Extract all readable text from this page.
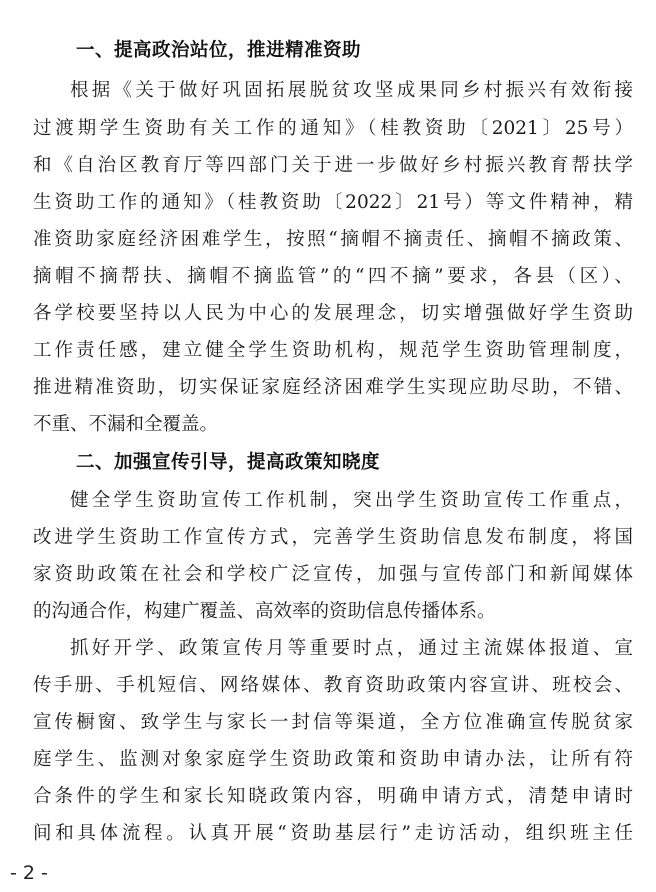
一、提高政治站位，推进精准资助
根据《关于做好巩固拓展脱贫攻坚成果同乡村振兴有效衔接
过渡期学生资助有关工作的通知》（桂教资助〔2021〕25号）
和《自治区教育厅等四部门关于进一步做好乡村振兴教育帮扶学
生资助工作的通知》（桂教资助〔2022〕21号）等文件精神，精
准资助家庭经济困难学生，按照“摘帽不摘责任、摘帽不摘政策、
摘帽不摘帮扶、摘帽不摘监管”的“四不摘”要求，各县（区）、
各学校要坚持以人民为中心的发展理念，切实增强做好学生资助
工作责任感，建立健全学生资助机构，规范学生资助管理制度，
推进精准资助，切实保证家庭经济困难学生实现应助尽助，不错、
不重、不漏和全覆盖。
二、加强宣传引导，提高政策知晓度
健全学生资助宣传工作机制，突出学生资助宣传工作重点，
改进学生资助工作宣传方式，完善学生资助信息发布制度，将国
家资助政策在社会和学校广泛宣传，加强与宣传部门和新闻媒体
的沟通合作，构建广覆盖、高效率的资助信息传播体系。
抓好开学、政策宣传月等重要时点，通过主流媒体报道、宣
传手册、手机短信、网络媒体、教育资助政策内容宣讲、班校会、
宣传橱窗、致学生与家长一封信等渠道，全方位准确宣传脱贫家
庭学生、监测对象家庭学生资助政策和资助申请办法，让所有符
合条件的学生和家长知晓政策内容，明确申请方式，清楚申请时
间和具体流程。认真开展“资助基层行”走访活动，组织班主任
- 2 -
